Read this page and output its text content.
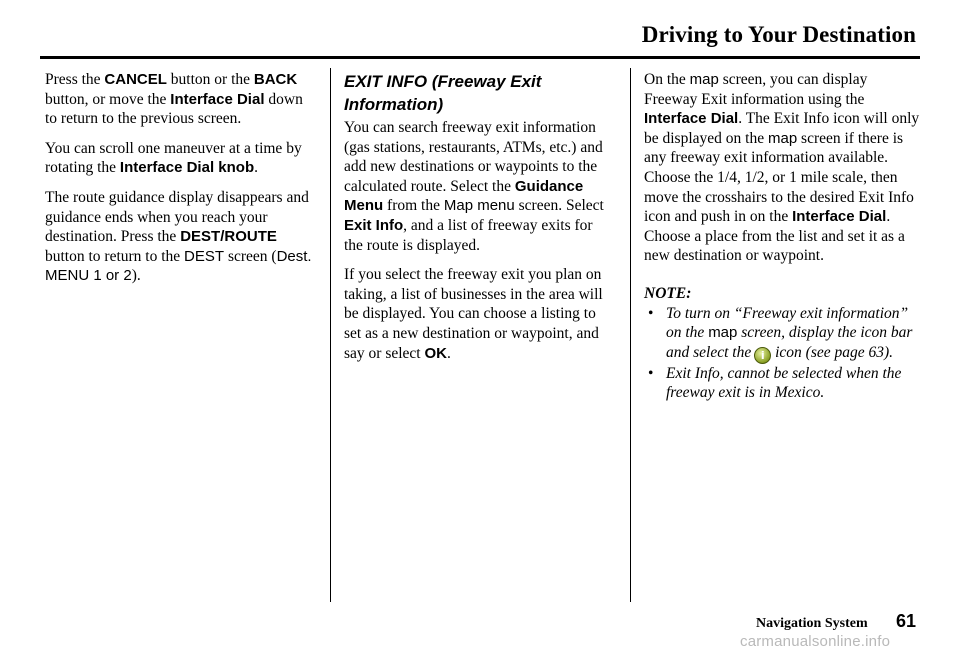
Driving to Your Destination

Press the CANCEL button or the BACK button, or move the Interface Dial down to return to the previous screen.

You can scroll one maneuver at a time by rotating the Interface Dial knob.

The route guidance display disappears and guidance ends when you reach your destination. Press the DEST/ROUTE button to return to the DEST screen (Dest. MENU 1 or 2).

EXIT INFO (Freeway Exit Information)

You can search freeway exit information (gas stations, restaurants, ATMs, etc.) and add new destinations or waypoints to the calculated route. Select the Guidance Menu from the Map menu screen. Select Exit Info, and a list of freeway exits for the route is displayed.

If you select the freeway exit you plan on taking, a list of businesses in the area will be displayed. You can choose a listing to set as a new destination or waypoint, and say or select OK.

On the map screen, you can display Freeway Exit information using the Interface Dial. The Exit Info icon will only be displayed on the map screen if there is any freeway exit information available. Choose the 1/4, 1/2, or 1 mile scale, then move the crosshairs to the desired Exit Info icon and push in on the Interface Dial. Choose a place from the list and set it as a new destination or waypoint.

NOTE:
• To turn on “Freeway exit information” on the map screen, display the icon bar and select the i icon (see page 63).
• Exit Info, cannot be selected when the freeway exit is in Mexico.
Navigation System 61
carmanualsonline.info
